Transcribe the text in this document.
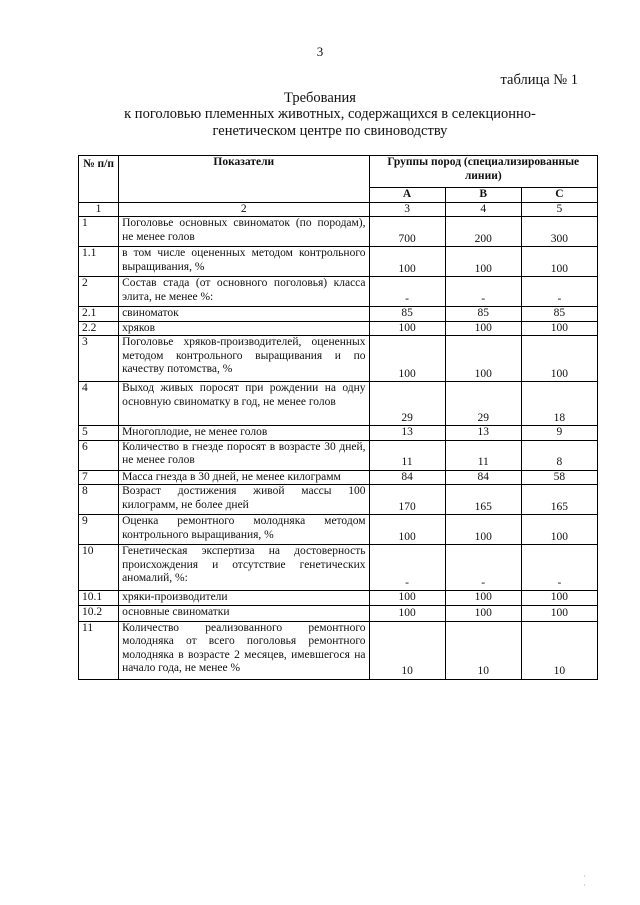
3
таблица № 1
Требования
к поголовью племенных животных, содержащихся в селекционно-генетическом центре по свиноводству
№ п/п	Показатели	Группы пород (специализированные линии)		
		А	В	С
1	2	3	4	5
1	Поголовье основных свиноматок (по породам), не менее голов	700	200	300
1.1	в том числе оцененных методом контрольного выращивания, %	100	100	100
2	Состав стада (от основного поголовья) класса элита, не менее %:	-	-	-
2.1	свиноматок	85	85	85
2.2	хряков	100	100	100
3	Поголовье хряков-производителей, оцененных методом контрольного выращивания и по качеству потомства, %	100	100	100
4	Выход живых поросят при рождении на одну основную свиноматку в год, не менее голов	29	29	18
5	Многоплодие, не менее голов	13	13	9
6	Количество в гнезде поросят в возрасте 30 дней, не менее голов	11	11	8
7	Масса гнезда в 30 дней, не менее килограмм	84	84	58
8	Возраст достижения живой массы 100 килограмм, не более дней	170	165	165
9	Оценка ремонтного молодняка методом контрольного выращивания, %	100	100	100
10	Генетическая экспертиза на достоверность происхождения и отсутствие генетических аномалий, %:	-	-	-
10.1	хряки-производители	100	100	100
10.2	основные свиноматки	100	100	100
11	Количество реализованного ремонтного молодняка от всего поголовья ремонтного молодняка в возрасте 2 месяцев, имевшегося на начало года, не менее %	10	10	10
·
·
